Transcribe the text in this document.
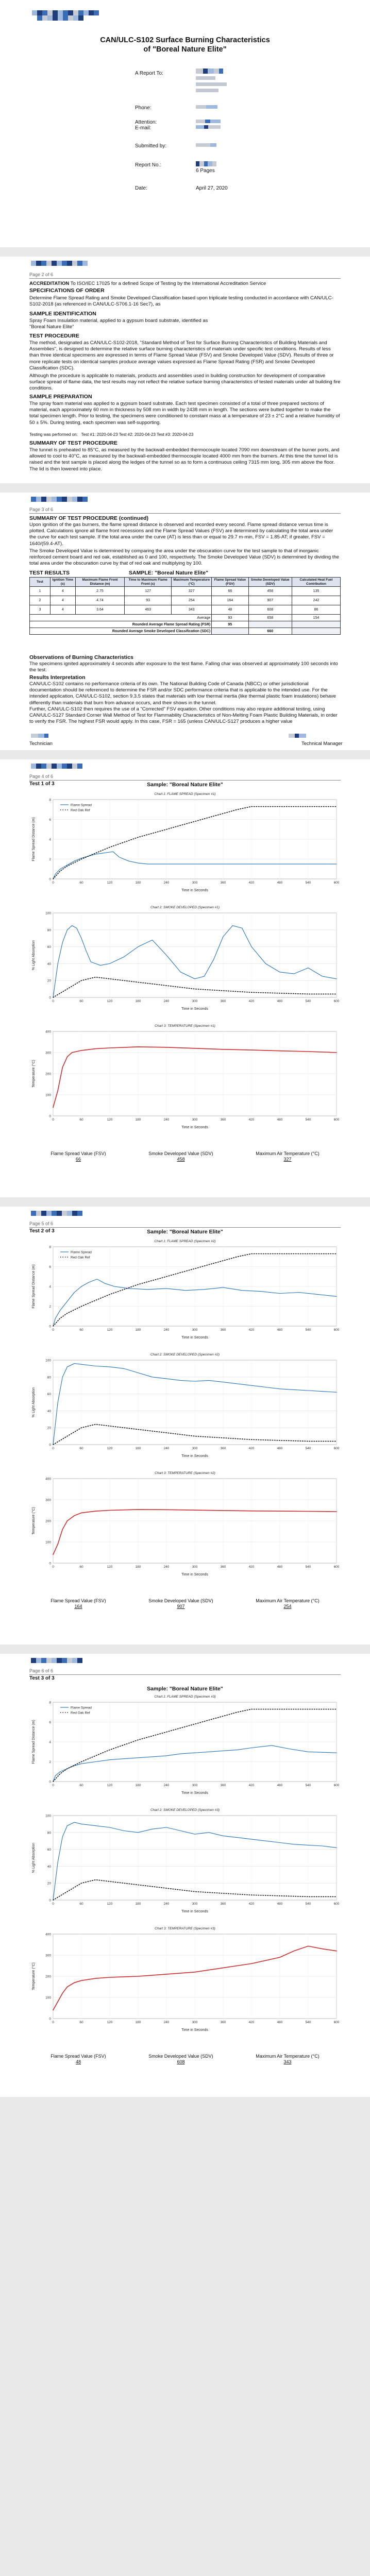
CAN/ULC-S102 Surface Burning Characteristics
of "Boreal Nature Elite"
A Report To:
Phone:
Attention:
E-mail:
Submitted by:
Report No.:
6 Pages
Date:	April 27, 2020
Page 2 of 6
ACCREDITATION To ISO/IEC 17025 for a defined Scope of Testing by the International Accreditation Service
SPECIFICATIONS OF ORDER
Determine Flame Spread Rating and Smoke Developed Classification based upon triplicate testing conducted in accordance with CAN/ULC-S102-2018 (as referenced in CAN/ULC-S706.1-16 Sec7), as
SAMPLE IDENTIFICATION
Spray Foam Insulation material, applied to a gypsum board substrate, identified as
"Boreal Nature Elite"
TEST PROCEDURE
The method, designated as CAN/ULC-S102-2018, "Standard Method of Test for Surface Burning Characteristics of Building Materials and Assemblies", is designed to determine the relative surface burning characteristics of materials under specific test conditions. Results of less than three identical specimens are expressed in terms of Flame Spread Value (FSV) and Smoke Developed Value (SDV). Results of three or more replicate tests on identical samples produce average values expressed as Flame Spread Rating (FSR) and Smoke Developed Classification (SDC).
Although the procedure is applicable to materials, products and assemblies used in building construction for development of comparative surface spread of flame data, the test results may not reflect the relative surface burning characteristics of tested materials under all building fire conditions.
SAMPLE PREPARATION
The spray foam material was applied to a gypsum board substrate. Each test specimen consisted of a total of three prepared sections of material, each approximately 60 mm in thickness by 508 mm in width by 2438 mm in length. The sections were butted together to make the total specimen length. Prior to testing, the specimens were conditioned to constant mass at a temperature of 23 ± 2°C and a relative humidity of 50 ± 5%. During testing, each specimen was self-supporting.
Testing was performed on: Test #1: 2020-04-23 Test #2: 2020-04-23 Test #3: 2020-04-23
SUMMARY OF TEST PROCEDURE
The tunnel is preheated to 85°C, as measured by the backwall-embedded thermocouple located 7090 mm downstream of the burner ports, and allowed to cool to 40°C, as measured by the backwall-embedded thermocouple located 4000 mm from the burners. At this time the tunnel lid is raised and the test sample is placed along the ledges of the tunnel so as to form a continuous ceiling 7315 mm long, 305 mm above the floor. The lid is then lowered into place.
Page 3 of 6
SUMMARY OF TEST PROCEDURE (continued)
Upon ignition of the gas burners, the flame spread distance is observed and recorded every second. Flame spread distance versus time is plotted. Calculations ignore all flame front recessions and the Flame Spread Values (FSV) are determined by calculating the total area under the curve for each test sample. If the total area under the curve (AT) is less than or equal to 29.7 m·min, FSV = 1.85·AT; if greater, FSV = 1640/(59.4-AT).
The Smoke Developed Value is determined by comparing the area under the obscuration curve for the test sample to that of inorganic reinforced cement board and red oak, established as 0 and 100, respectively. The Smoke Developed Value (SDV) is determined by dividing the total area under the obscuration curve by that of red oak and multiplying by 100.
TEST RESULTS	SAMPLE: "Boreal Nature Elite"
Test	Ignition Time (s)	Maximum Flame Front Distance (m)	Time to Maximum Flame Front (s)	Maximum Temperature (°C)	Flame Spread Value (FSV)	Smoke Developed Value (SDV)	Calculated Heat Fuel Contribution
1	4	2.75	127	327	66	458	135
2	4	4.74	93	254	164	907	242
3	4	3.64	463	343	48	608	86
Average					93	658	154
Rounded Average Flame Spread Rating (FSR)					95		
Rounded Average Smoke Developed Classification (SDC)						660	
Observations of Burning Characteristics
The specimens ignited approximately 4 seconds after exposure to the test flame. Falling char was observed at approximately 100 seconds into the test.
Results Interpretation
CAN/ULC-S102 contains no performance criteria of its own. The National Building Code of Canada (NBCC) or other jurisdictional documentation should be referenced to determine the FSR and/or SDC performance criteria that is applicable to the intended use. For the intended application, CAN/ULC-S102, section 9.3.5 states that materials with low thermal inertia (like thermal plastic foam insulations) behave differently than materials that burn from advance occurs, and their shows in the tunnel.
Further, CAN/ULC-S102 then requires the use of a "Corrected" FSV equation. Other conditions may also require additional testing, using CAN/ULC-S127 Standard Corner Wall Method of Test for Flammability Characteristics of Non-Melting Foam Plastic Building Materials, in order to verify the FSR. The highest FSR would apply. In this case, FSR = 165 (unless CAN/ULC-S127 produces a higher value
Technician	Technical Manager
Page 4 of 6
Test 1 of 3	Sample: "Boreal Nature Elite"
Chart 1: FLAME SPREAD (Specimen #1)
0
2
4
6
8
0	60	120	180	240	300	360	420	480	540	600
Time in Seconds
Flame Spread Distance (m)
Flame Spread
Red Oak Ref
Chart 2: SMOKE DEVELOPED (Specimen #1)
0
20
40
60
80
100
0	60	120	180	240	300	360	420	480	540	600
Time in Seconds
% Light Absorption
Chart 3: TEMPERATURE (Specimen #1)
0
100
200
300
400
0	60	120	180	240	300	360	420	480	540	600
Time in Seconds
Temperature (°C)
Flame Spread Value (FSV)
66
Smoke Developed Value (SDV)
458
Maximum Air Temperature (°C)
327
Page 5 of 6
Test 2 of 3	Sample: "Boreal Nature Elite"
Chart 1: FLAME SPREAD (Specimen #2)
0
2
4
6
8
0	60	120	180	240	300	360	420	480	540	600
Time in Seconds
Flame Spread Distance (m)
Flame Spread
Red Oak Ref
Chart 2: SMOKE DEVELOPED (Specimen #2)
0
20
40
60
80
100
0	60	120	180	240	300	360	420	480	540	600
Time in Seconds
% Light Absorption
Chart 3: TEMPERATURE (Specimen #2)
0
100
200
300
400
0	60	120	180	240	300	360	420	480	540	600
Time in Seconds
Temperature (°C)
Flame Spread Value (FSV)
164
Smoke Developed Value (SDV)
907
Maximum Air Temperature (°C)
254
Page 6 of 6
Test 3 of 3
Sample: "Boreal Nature Elite"
Chart 1: FLAME SPREAD (Specimen #3)
0
2
4
6
8
0	60	120	180	240	300	360	420	480	540	600
Time in Seconds
Flame Spread Distance (m)
Flame Spread
Red Oak Ref
Chart 2: SMOKE DEVELOPED (Specimen #3)
0
20
40
60
80
100
0	60	120	180	240	300	360	420	480	540	600
Time in Seconds
% Light Absorption
Chart 3: TEMPERATURE (Specimen #3)
0
100
200
300
400
0	60	120	180	240	300	360	420	480	540	600
Time in Seconds
Temperature (°C)
Flame Spread Value (FSV)
48
Smoke Developed Value (SDV)
608
Maximum Air Temperature (°C)
343
